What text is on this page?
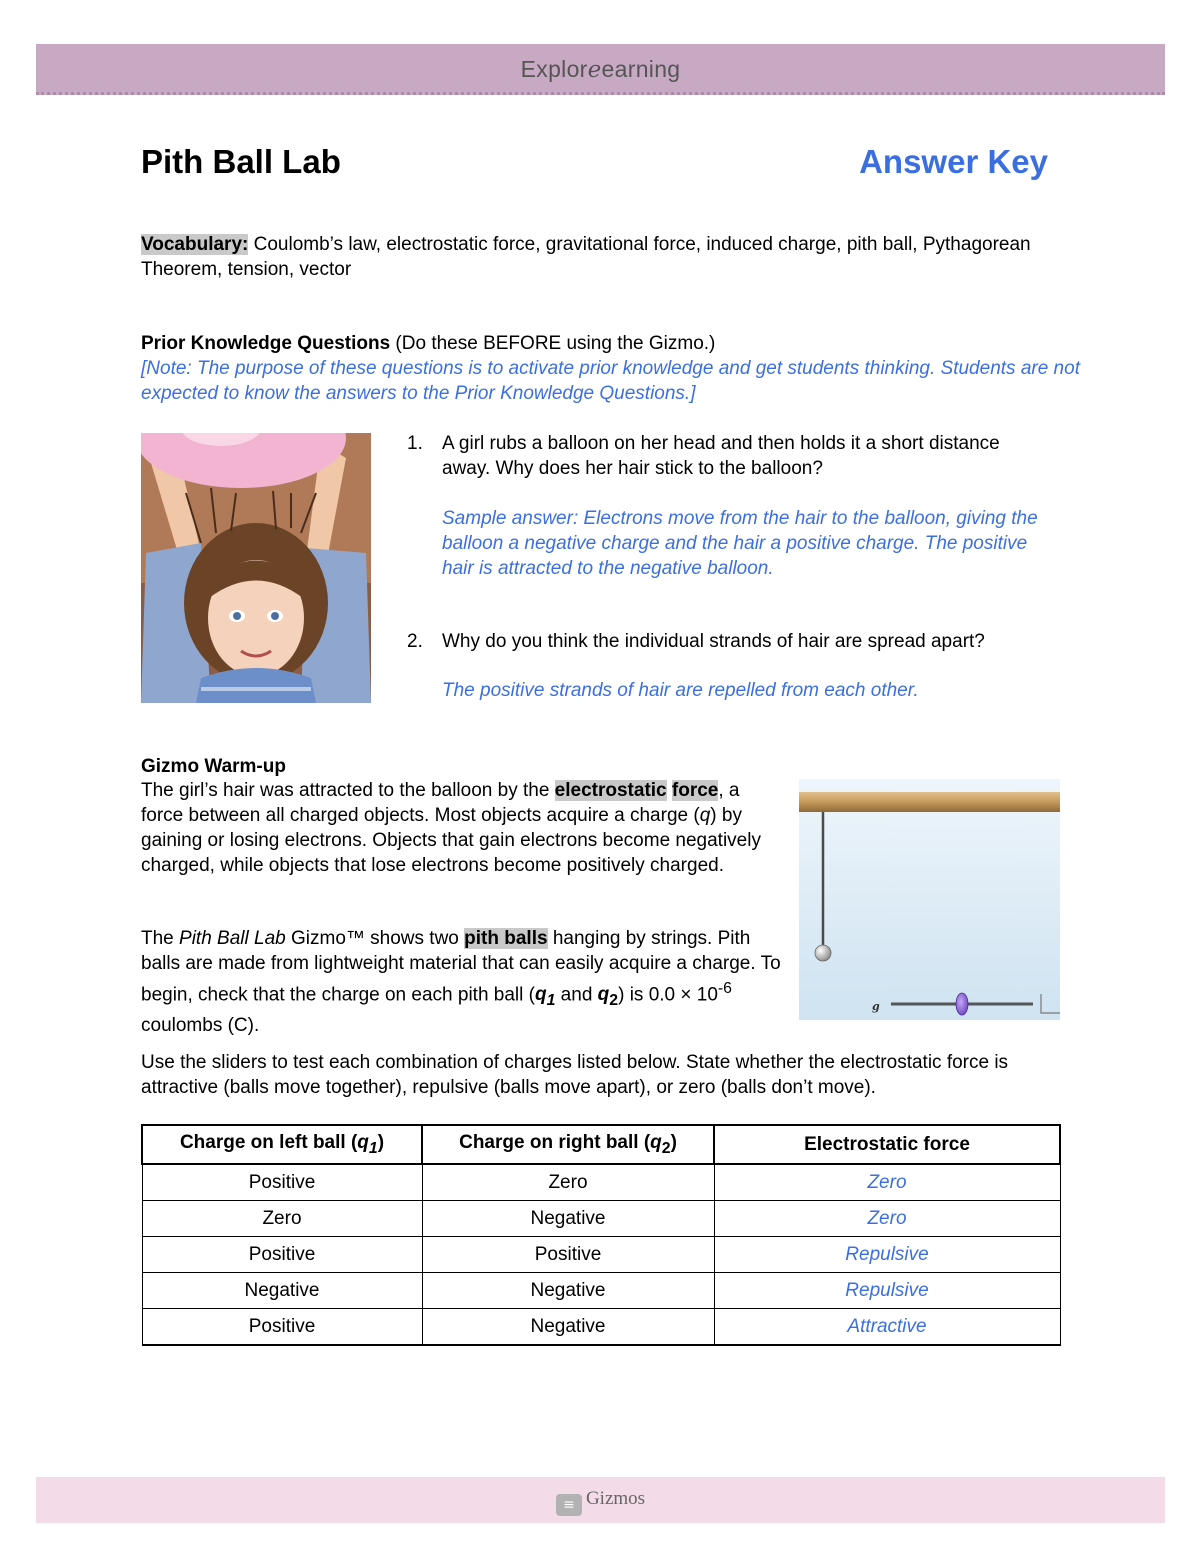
Exploreearning
Pith Ball Lab	Answer Key
Vocabulary: Coulomb’s law, electrostatic force, gravitational force, induced charge, pith ball, Pythagorean Theorem, tension, vector
Prior Knowledge Questions (Do these BEFORE using the Gizmo.)
[Note: The purpose of these questions is to activate prior knowledge and get students thinking. Students are not expected to know the answers to the Prior Knowledge Questions.]
1. A girl rubs a balloon on her head and then holds it a short distance away. Why does her hair stick to the balloon?
Sample answer: Electrons move from the hair to the balloon, giving the balloon a negative charge and the hair a positive charge. The positive hair is attracted to the negative balloon.
2. Why do you think the individual strands of hair are spread apart?
The positive strands of hair are repelled from each other.
Gizmo Warm-up
The girl’s hair was attracted to the balloon by the electrostatic force, a force between all charged objects. Most objects acquire a charge (q) by gaining or losing electrons. Objects that gain electrons become negatively charged, while objects that lose electrons become positively charged.
The Pith Ball Lab Gizmo™ shows two pith balls hanging by strings. Pith balls are made from lightweight material that can easily acquire a charge. To begin, check that the charge on each pith ball ($q_1$ and $q_2$) is $0.0 \times 10^{-6}$ coulombs (C).
Use the sliders to test each combination of charges listed below. State whether the electrostatic force is attractive (balls move together), repulsive (balls move apart), or zero (balls don’t move).
g
Charge on left ball $(q_1)$	Charge on right ball $(q_2)$	Electrostatic force
Positive	Zero	Zero
Zero	Negative	Zero
Positive	Positive	Repulsive
Negative	Negative	Repulsive
Positive	Negative	Attractive
≡ Gizmos
